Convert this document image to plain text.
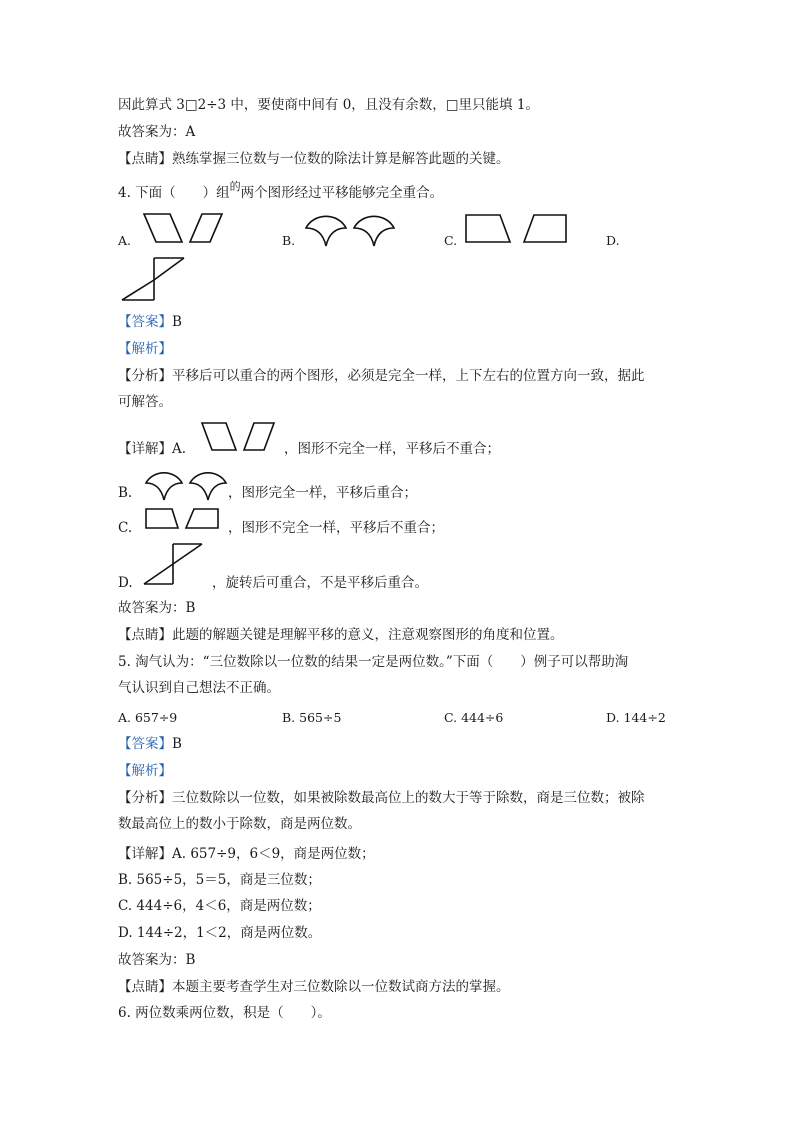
因此算式 3□2÷3 中，要使商中间有 0，且没有余数，□里只能填 1。
故答案为：A
【点睛】熟练掌握三位数与一位数的除法计算是解答此题的关键。
4. 下面（　　）组$^的$两个图形经过平移能够完全重合。
A.	B.	C.	D.
【答案】B
【解析】
【分析】平移后可以重合的两个图形，必须是完全一样，上下左右的位置方向一致，据此
可解答。
【详解】A.	，图形不完全一样，平移后不重合；
B.	，图形完全一样，平移后重合；
C.	，图形不完全一样，平移后不重合；
D.	，旋转后可重合，不是平移后重合。
故答案为：B
【点睛】此题的解题关键是理解平移的意义，注意观察图形的角度和位置。
5. 淘气认为：“三位数除以一位数的结果一定是两位数。”下面（　　）例子可以帮助淘
气认识到自己想法不正确。
A. 657÷9	B. 565÷5	C. 444÷6	D. 144÷2
【答案】B
【解析】
【分析】三位数除以一位数，如果被除数最高位上的数大于等于除数，商是三位数；被除
数最高位上的数小于除数，商是两位数。
【详解】A. 657÷9，6＜9，商是两位数；
B. 565÷5，5＝5，商是三位数；
C. 444÷6，4＜6，商是两位数；
D. 144÷2，1＜2，商是两位数。
故答案为：B
【点睛】本题主要考查学生对三位数除以一位数试商方法的掌握。
6. 两位数乘两位数，积是（　　）。
